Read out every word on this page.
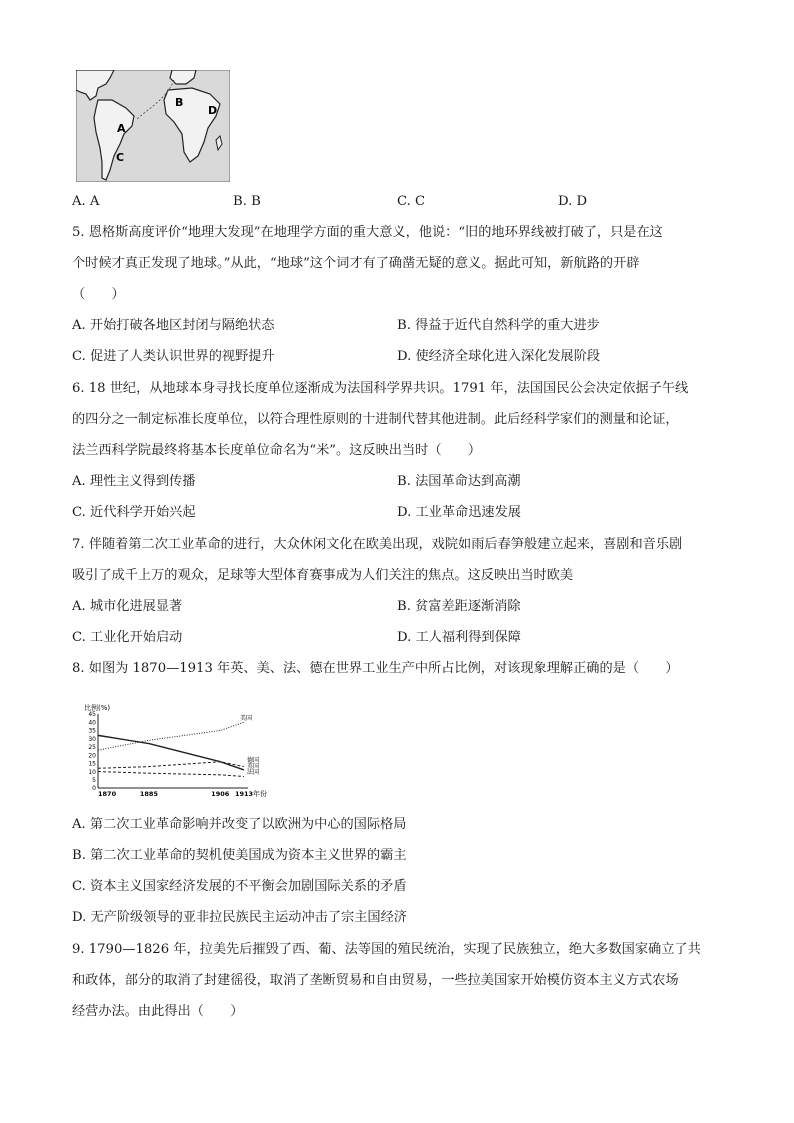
A
B
C
D
A. A	B. B	C. C	D. D
5. 恩格斯高度评价“地理大发现”在地理学方面的重大意义，他说：“旧的地环界线被打破了，只是在这
个时候才真正发现了地球。”从此，“地球”这个词才有了确凿无疑的意义。据此可知，新航路的开辟
（　　）
A. 开始打破各地区封闭与隔绝状态	B. 得益于近代自然科学的重大进步
C. 促进了人类认识世界的视野提升	D. 使经济全球化进入深化发展阶段
6. 18 世纪，从地球本身寻找长度单位逐渐成为法国科学界共识。1791 年，法国国民公会决定依据子午线
的四分之一制定标准长度单位，以符合理性原则的十进制代替其他进制。此后经科学家们的测量和论证，
法兰西科学院最终将基本长度单位命名为“米”。这反映出当时（　　）
A. 理性主义得到传播	B. 法国革命达到高潮
C. 近代科学开始兴起	D. 工业革命迅速发展
7. 伴随着第二次工业革命的进行，大众休闲文化在欧美出现，戏院如雨后春笋般建立起来，喜剧和音乐剧
吸引了成千上万的观众，足球等大型体育赛事成为人们关注的焦点。这反映出当时欧美
A. 城市化进展显著	B. 贫富差距逐渐消除
C. 工业化开始启动	D. 工人福利得到保障
8. 如图为 1870—1913 年英、美、法、德在世界工业生产中所占比例，对该现象理解正确的是（　　）
比例(%)
45
40
35
30
25
20
15
10
5
0
1870	1885	1906 1913
美国
德国
英国
法国
年份
A. 第二次工业革命影响并改变了以欧洲为中心的国际格局
B. 第二次工业革命的契机使美国成为资本主义世界的霸主
C. 资本主义国家经济发展的不平衡会加剧国际关系的矛盾
D. 无产阶级领导的亚非拉民族民主运动冲击了宗主国经济
9. 1790—1826 年，拉美先后摧毁了西、葡、法等国的殖民统治，实现了民族独立，绝大多数国家确立了共
和政体，部分的取消了封建徭役，取消了垄断贸易和自由贸易，一些拉美国家开始模仿资本主义方式农场
经营办法。由此得出（　　）
